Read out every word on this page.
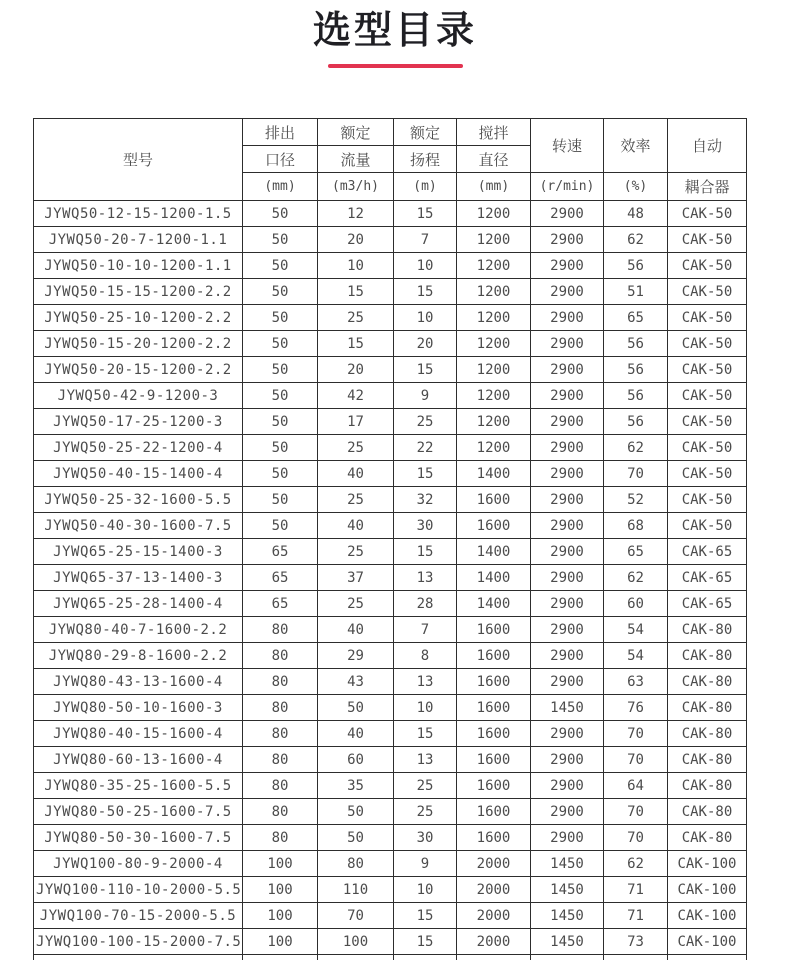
选型目录
型号	排出	额定	额定	搅拌	转速	效率	自动
	口径	流量	扬程	直径			
	(mm)	(m3/h)	(m)	(mm)	(r/min)	(%)	耦合器
JYWQ50-12-15-1200-1.5	50	12	15	1200	2900	48	CAK-50
JYWQ50-20-7-1200-1.1	50	20	7	1200	2900	62	CAK-50
JYWQ50-10-10-1200-1.1	50	10	10	1200	2900	56	CAK-50
JYWQ50-15-15-1200-2.2	50	15	15	1200	2900	51	CAK-50
JYWQ50-25-10-1200-2.2	50	25	10	1200	2900	65	CAK-50
JYWQ50-15-20-1200-2.2	50	15	20	1200	2900	56	CAK-50
JYWQ50-20-15-1200-2.2	50	20	15	1200	2900	56	CAK-50
JYWQ50-42-9-1200-3	50	42	9	1200	2900	56	CAK-50
JYWQ50-17-25-1200-3	50	17	25	1200	2900	56	CAK-50
JYWQ50-25-22-1200-4	50	25	22	1200	2900	62	CAK-50
JYWQ50-40-15-1400-4	50	40	15	1400	2900	70	CAK-50
JYWQ50-25-32-1600-5.5	50	25	32	1600	2900	52	CAK-50
JYWQ50-40-30-1600-7.5	50	40	30	1600	2900	68	CAK-50
JYWQ65-25-15-1400-3	65	25	15	1400	2900	65	CAK-65
JYWQ65-37-13-1400-3	65	37	13	1400	2900	62	CAK-65
JYWQ65-25-28-1400-4	65	25	28	1400	2900	60	CAK-65
JYWQ80-40-7-1600-2.2	80	40	7	1600	2900	54	CAK-80
JYWQ80-29-8-1600-2.2	80	29	8	1600	2900	54	CAK-80
JYWQ80-43-13-1600-4	80	43	13	1600	2900	63	CAK-80
JYWQ80-50-10-1600-3	80	50	10	1600	1450	76	CAK-80
JYWQ80-40-15-1600-4	80	40	15	1600	2900	70	CAK-80
JYWQ80-60-13-1600-4	80	60	13	1600	2900	70	CAK-80
JYWQ80-35-25-1600-5.5	80	35	25	1600	2900	64	CAK-80
JYWQ80-50-25-1600-7.5	80	50	25	1600	2900	70	CAK-80
JYWQ80-50-30-1600-7.5	80	50	30	1600	2900	70	CAK-80
JYWQ100-80-9-2000-4	100	80	9	2000	1450	62	CAK-100
JYWQ100-110-10-2000-5.5	100	110	10	2000	1450	71	CAK-100
JYWQ100-70-15-2000-5.5	100	70	15	2000	1450	71	CAK-100
JYWQ100-100-15-2000-7.5	100	100	15	2000	1450	73	CAK-100
